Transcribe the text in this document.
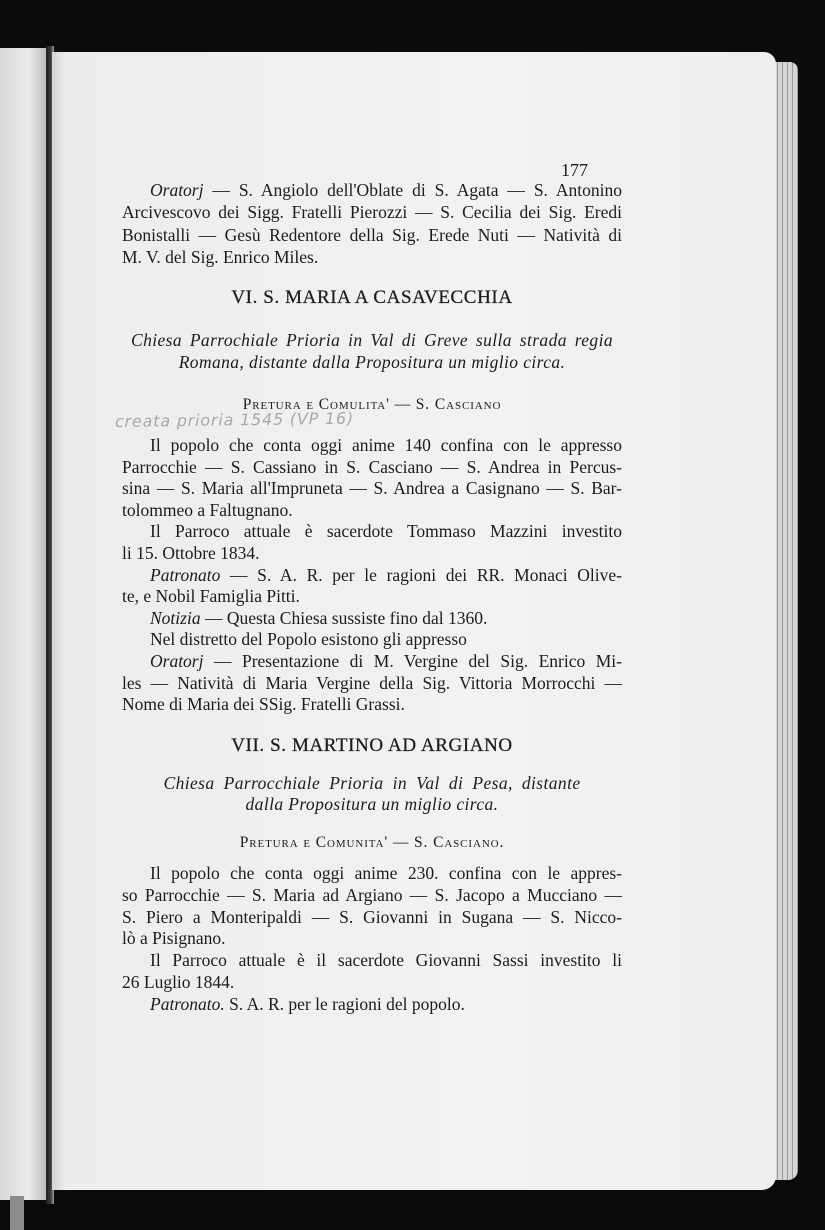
177
Oratorj — S. Angiolo dell'Oblate di S. Agata — S. Antonino
Arcivescovo dei Sigg. Fratelli Pierozzi — S. Cecilia dei Sig. Eredi
Bonistalli — Gesù Redentore della Sig. Erede Nuti — Natività di
M. V. del Sig. Enrico Miles.
VI. S. MARIA A CASAVECCHIA
Chiesa Parrochiale Prioria in Val di Greve sulla strada regia
Romana, distante dalla Propositura un miglio circa.
Pretura e Comulita' — S. Casciano
creata prioria 1545 (VP 16)
Il popolo che conta oggi anime 140 confina con le appresso
Parrocchie — S. Cassiano in S. Casciano — S. Andrea in Percus-
sina — S. Maria all'Impruneta — S. Andrea a Casignano — S. Bar-
tolommeo a Faltugnano.
Il Parroco attuale è sacerdote Tommaso Mazzini investito
li 15. Ottobre 1834.
Patronato — S. A. R. per le ragioni dei RR. Monaci Olive-
te, e Nobil Famiglia Pitti.
Notizia — Questa Chiesa sussiste fino dal 1360.
Nel distretto del Popolo esistono gli appresso
Oratorj — Presentazione di M. Vergine del Sig. Enrico Mi-
les — Natività di Maria Vergine della Sig. Vittoria Morrocchi —
Nome di Maria dei SSig. Fratelli Grassi.
VII. S. MARTINO AD ARGIANO
Chiesa Parrocchiale Prioria in Val di Pesa, distante
dalla Propositura un miglio circa.
Pretura e Comunita' — S. Casciano.
Il popolo che conta oggi anime 230. confina con le appres-
so Parrocchie — S. Maria ad Argiano — S. Jacopo a Mucciano —
S. Piero a Monteripaldi — S. Giovanni in Sugana — S. Nicco-
lò a Pisignano.
Il Parroco attuale è il sacerdote Giovanni Sassi investito li
26 Luglio 1844.
Patronato. S. A. R. per le ragioni del popolo.
